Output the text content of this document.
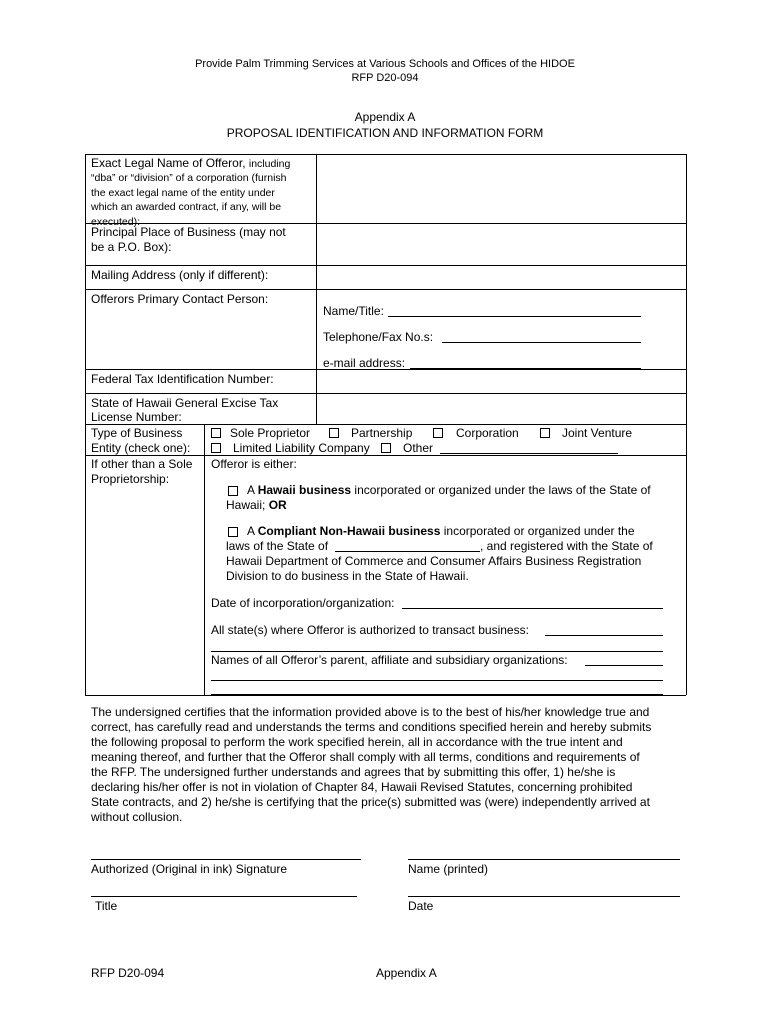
Provide Palm Trimming Services at Various Schools and Offices of the HIDOE
RFP D20-094
Appendix A
PROPOSAL IDENTIFICATION AND INFORMATION FORM
Exact Legal Name of Offeror, including
“dba” or “division” of a corporation (furnish
the exact legal name of the entity under
which an awarded contract, if any, will be
executed):
Principal Place of Business (may not
be a P.O. Box):
Mailing Address (only if different):
Offerors Primary Contact Person:
Name/Title:
Telephone/Fax No.s:
e-mail address:
Federal Tax Identification Number:
State of Hawaii General Excise Tax
License Number:
Type of Business
Entity (check one):
Sole Proprietor	Partnership	Corporation	Joint Venture
Limited Liability Company	Other
If other than a Sole
Proprietorship:
Offeror is either:
A Hawaii business incorporated or organized under the laws of the State of
Hawaii; OR
A Compliant Non-Hawaii business incorporated or organized under the
laws of the State of	, and registered with the State of
Hawaii Department of Commerce and Consumer Affairs Business Registration
Division to do business in the State of Hawaii.
Date of incorporation/organization:
All state(s) where Offeror is authorized to transact business:
Names of all Offeror’s parent, affiliate and subsidiary organizations:
The undersigned certifies that the information provided above is to the best of his/her knowledge true and
correct, has carefully read and understands the terms and conditions specified herein and hereby submits
the following proposal to perform the work specified herein, all in accordance with the true intent and
meaning thereof, and further that the Offeror shall comply with all terms, conditions and requirements of
the RFP. The undersigned further understands and agrees that by submitting this offer, 1) he/she is
declaring his/her offer is not in violation of Chapter 84, Hawaii Revised Statutes, concerning prohibited
State contracts, and 2) he/she is certifying that the price(s) submitted was (were) independently arrived at
without collusion.
Authorized (Original in ink) Signature	Name (printed)
Title	Date
RFP D20-094	Appendix A
